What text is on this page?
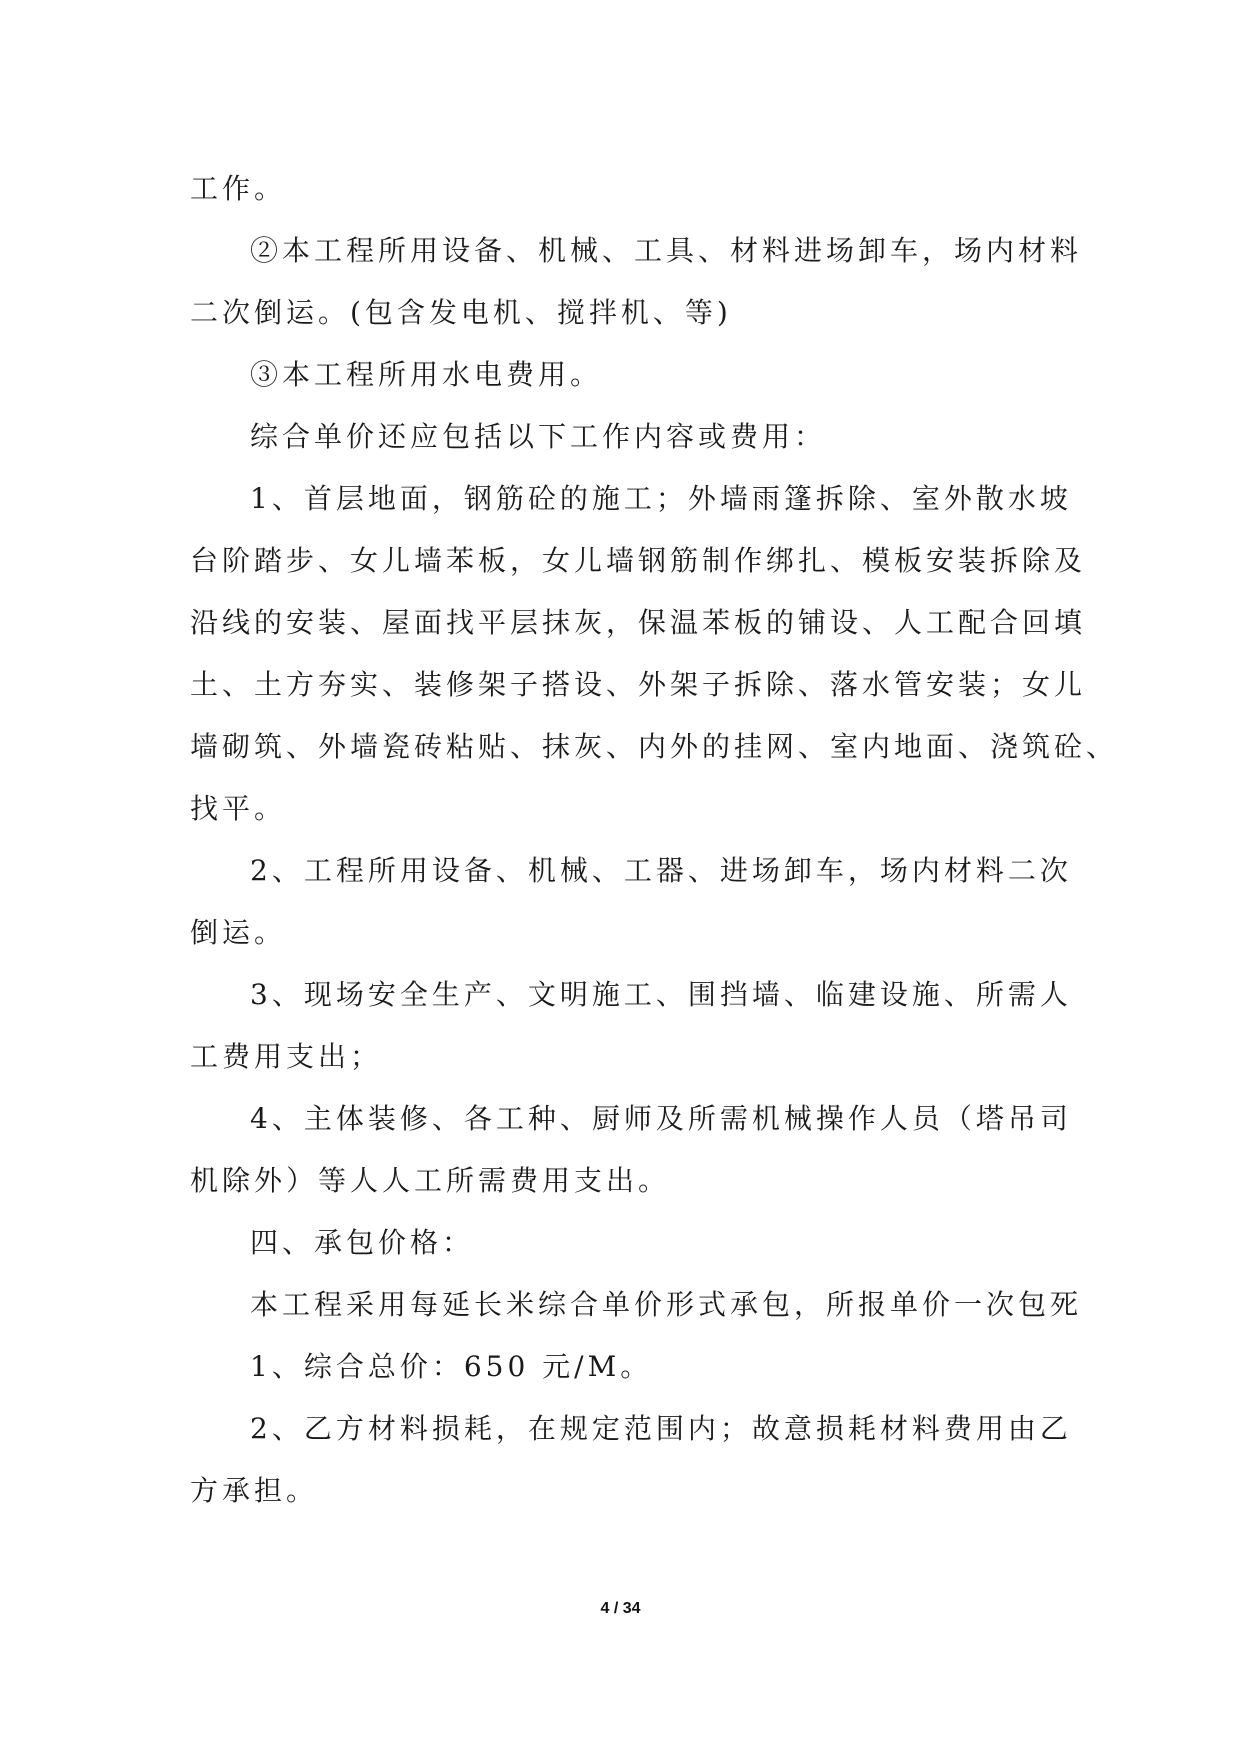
工作。
②本工程所用设备、机械、工具、材料进场卸车，场内材料
二次倒运。(包含发电机、搅拌机、等)
③本工程所用水电费用。
综合单价还应包括以下工作内容或费用：
1、首层地面，钢筋砼的施工；外墙雨篷拆除、室外散水坡
台阶踏步、女儿墙苯板，女儿墙钢筋制作绑扎、模板安装拆除及
沿线的安装、屋面找平层抹灰，保温苯板的铺设、人工配合回填
土、土方夯实、装修架子搭设、外架子拆除、落水管安装；女儿
墙砌筑、外墙瓷砖粘贴、抹灰、内外的挂网、室内地面、浇筑砼、
找平。
2、工程所用设备、机械、工器、进场卸车，场内材料二次
倒运。
3、现场安全生产、文明施工、围挡墙、临建设施、所需人
工费用支出；
4、主体装修、各工种、厨师及所需机械操作人员（塔吊司
机除外）等人人工所需费用支出。
四、承包价格：
本工程采用每延长米综合单价形式承包，所报单价一次包死
1、综合总价：650 元/M。
2、乙方材料损耗，在规定范围内；故意损耗材料费用由乙
方承担。
4 / 34
